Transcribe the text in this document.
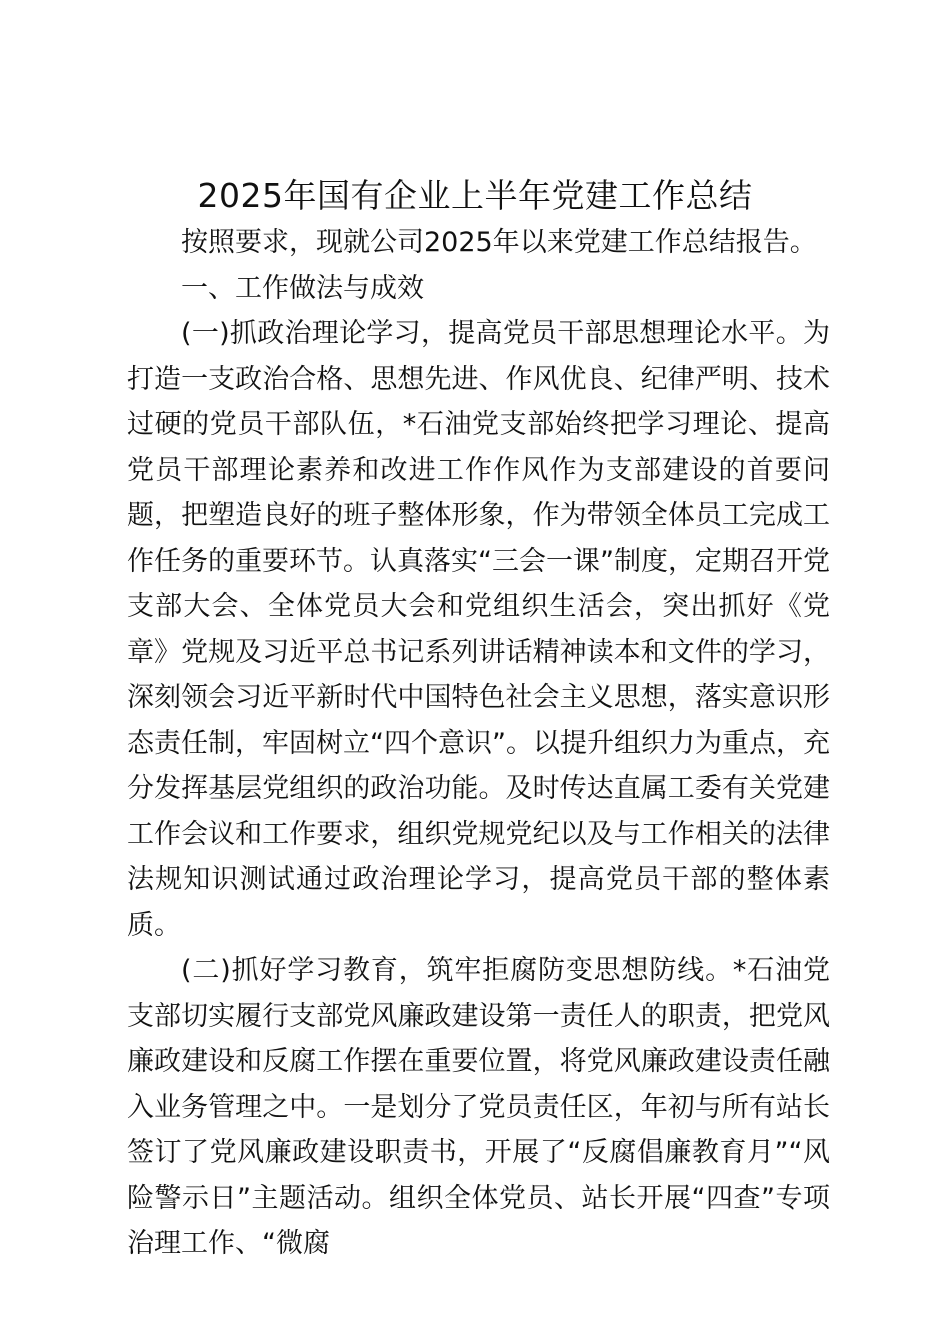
2025年国有企业上半年党建工作总结

按照要求，现就公司2025年以来党建工作总结报告。

一、工作做法与成效

(一)抓政治理论学习，提高党员干部思想理论水平。为打造一支政治合格、思想先进、作风优良、纪律严明、技术过硬的党员干部队伍，*石油党支部始终把学习理论、提高党员干部理论素养和改进工作作风作为支部建设的首要问题，把塑造良好的班子整体形象，作为带领全体员工完成工作任务的重要环节。认真落实“三会一课”制度，定期召开党支部大会、全体党员大会和党组织生活会，突出抓好《党章》党规及习近平总书记系列讲话精神读本和文件的学习，深刻领会习近平新时代中国特色社会主义思想，落实意识形态责任制，牢固树立“四个意识”。以提升组织力为重点，充分发挥基层党组织的政治功能。及时传达直属工委有关党建工作会议和工作要求，组织党规党纪以及与工作相关的法律法规知识测试通过政治理论学习，提高党员干部的整体素质。

(二)抓好学习教育，筑牢拒腐防变思想防线。*石油党支部切实履行支部党风廉政建设第一责任人的职责，把党风廉政建设和反腐工作摆在重要位置，将党风廉政建设责任融入业务管理之中。一是划分了党员责任区，年初与所有站长签订了党风廉政建设职责书，开展了“反腐倡廉教育月”“风险警示日”主题活动。组织全体党员、站长开展“四查”专项治理工作、“微腐
